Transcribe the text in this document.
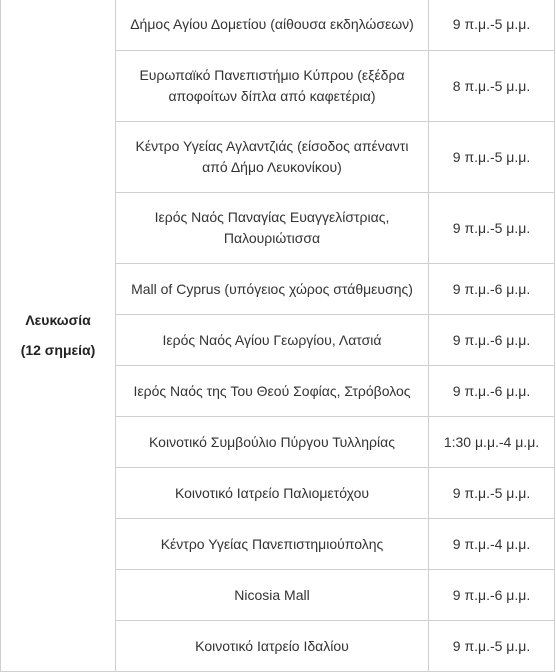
Λευκωσία
(12 σημεία)	Δήμος Αγίου Δομετίου (αίθουσα εκδηλώσεων)	9 π.μ.-5 μ.μ.
	Ευρωπαϊκό Πανεπιστήμιο Κύπρου (εξέδρα αποφοίτων δίπλα από καφετέρια)	8 π.μ.-5 μ.μ.
	Κέντρο Υγείας Αγλαντζιάς (είσοδος απέναντι από Δήμο Λευκονίκου)	9 π.μ.-5 μ.μ.
	Ιερός Ναός Παναγίας Ευαγγελίστριας, Παλουριώτισσα	9 π.μ.-5 μ.μ.
	Mall of Cyprus (υπόγειος χώρος στάθμευσης)	9 π.μ.-6 μ.μ.
	Ιερός Ναός Αγίου Γεωργίου, Λατσιά	9 π.μ.-6 μ.μ.
	Ιερός Ναός της Του Θεού Σοφίας, Στρόβολος	9 π.μ.-6 μ.μ.
	Κοινοτικό Συμβούλιο Πύργου Τυλληρίας	1:30 μ.μ.-4 μ.μ.
	Κοινοτικό Ιατρείο Παλιομετόχου	9 π.μ.-5 μ.μ.
	Κέντρο Υγείας Πανεπιστημιούπολης	9 π.μ.-4 μ.μ.
	Nicosia Mall	9 π.μ.-6 μ.μ.
	Κοινοτικό Ιατρείο Ιδαλίου	9 π.μ.-5 μ.μ.
